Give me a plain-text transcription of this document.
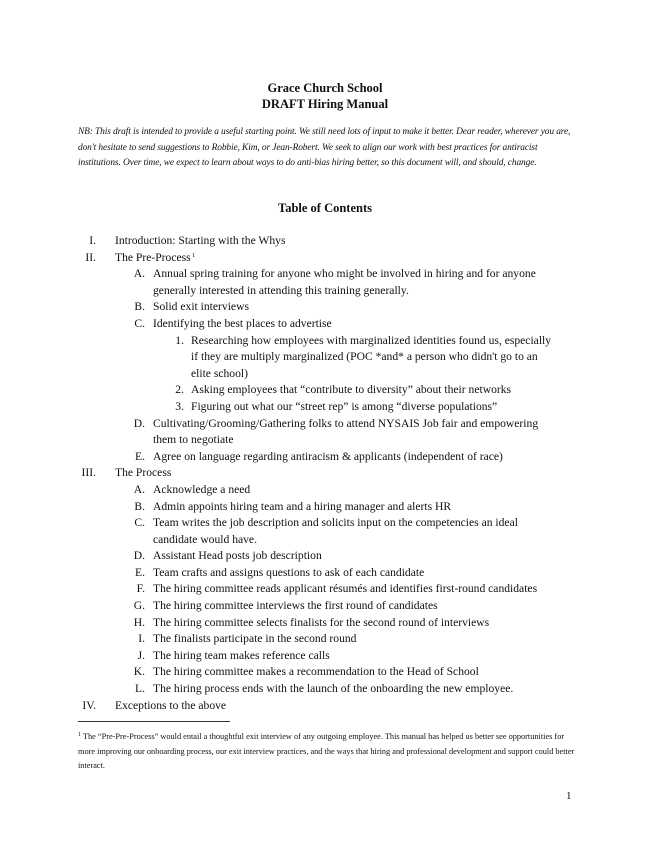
Grace Church School
DRAFT Hiring Manual
NB: This draft is intended to provide a useful starting point. We still need lots of input to make it better. Dear reader, wherever you are, don't hesitate to send suggestions to Robbie, Kim, or Jean-Robert. We seek to align our work with best practices for antiracist institutions. Over time, we expect to learn about ways to do anti-bias hiring better, so this document will, and should, change.
Table of Contents
I. Introduction: Starting with the Whys
II. The Pre-Process 1
A. Annual spring training for anyone who might be involved in hiring and for anyone
generally interested in attending this training generally.
B. Solid exit interviews
C. Identifying the best places to advertise
1. Researching how employees with marginalized identities found us, especially
if they are multiply marginalized (POC *and* a person who didn't go to an
elite school)
2. Asking employees that “contribute to diversity” about their networks
3. Figuring out what our “street rep” is among “diverse populations”
D. Cultivating/Grooming/Gathering folks to attend NYSAIS Job fair and empowering
them to negotiate
E. Agree on language regarding antiracism & applicants (independent of race)
III. The Process
A. Acknowledge a need
B. Admin appoints hiring team and a hiring manager and alerts HR
C. Team writes the job description and solicits input on the competencies an ideal
candidate would have.
D. Assistant Head posts job description
E. Team crafts and assigns questions to ask of each candidate
F. The hiring committee reads applicant résumés and identifies first-round candidates
G. The hiring committee interviews the first round of candidates
H. The hiring committee selects finalists for the second round of interviews
I. The finalists participate in the second round
J. The hiring team makes reference calls
K. The hiring committee makes a recommendation to the Head of School
L. The hiring process ends with the launch of the onboarding the new employee.
IV. Exceptions to the above
$^1$ The “Pre-Pre-Process” would entail a thoughtful exit interview of any outgoing employee. This manual has helped us better see opportunities for more improving our onboarding process, our exit interview practices, and the ways that hiring and professional development and support could better interact.
1
